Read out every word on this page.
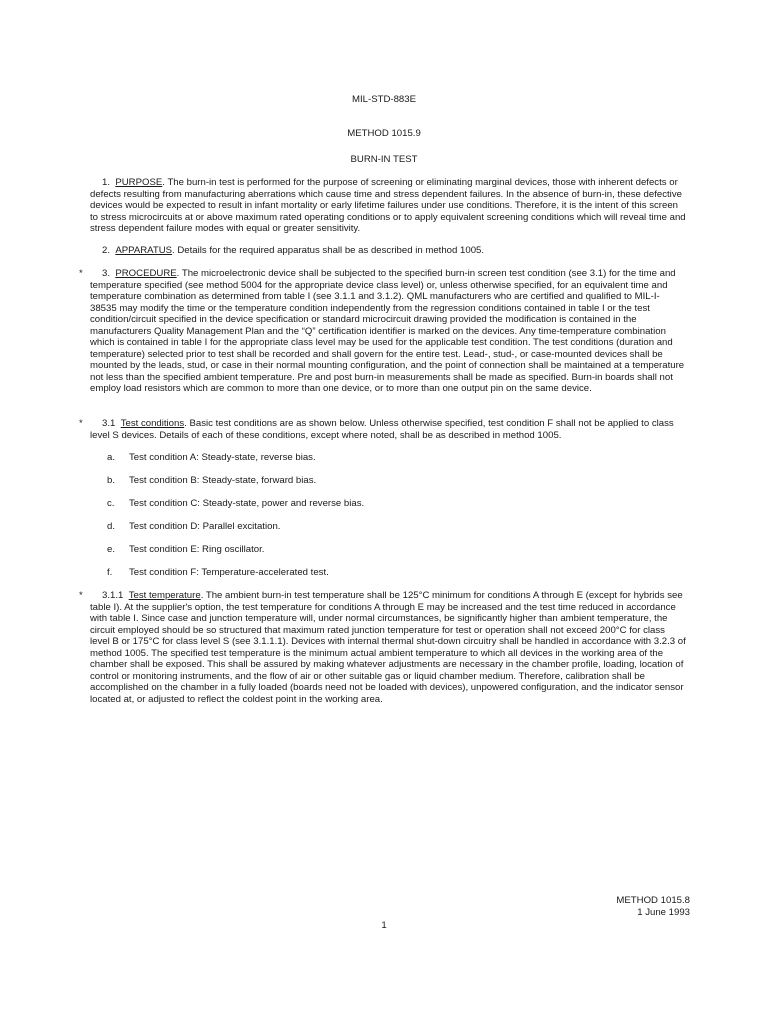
MIL-STD-883E
METHOD 1015.9
BURN-IN TEST
1. PURPOSE. The burn-in test is performed for the purpose of screening or eliminating marginal devices, those with inherent defects or defects resulting from manufacturing aberrations which cause time and stress dependent failures. In the absence of burn-in, these defective devices would be expected to result in infant mortality or early lifetime failures under use conditions. Therefore, it is the intent of this screen to stress microcircuits at or above maximum rated operating conditions or to apply equivalent screening conditions which will reveal time and stress dependent failure modes with equal or greater sensitivity.
2. APPARATUS. Details for the required apparatus shall be as described in method 1005.
*	3. PROCEDURE. The microelectronic device shall be subjected to the specified burn-in screen test condition (see 3.1) for the time and temperature specified (see method 5004 for the appropriate device class level) or, unless otherwise specified, for an equivalent time and temperature combination as determined from table I (see 3.1.1 and 3.1.2). QML manufacturers who are certified and qualified to MIL-I-38535 may modify the time or the temperature condition independently from the regression conditions contained in table I or the test condition/circuit specified in the device specification or standard microcircuit drawing provided the modification is contained in the manufacturers Quality Management Plan and the “Q” certification identifier is marked on the devices. Any time-temperature combination which is contained in table I for the appropriate class level may be used for the applicable test condition. The test conditions (duration and temperature) selected prior to test shall be recorded and shall govern for the entire test. Lead-, stud-, or case-mounted devices shall be mounted by the leads, stud, or case in their normal mounting configuration, and the point of connection shall be maintained at a temperature not less than the specified ambient temperature. Pre and post burn-in measurements shall be made as specified. Burn-in boards shall not employ load resistors which are common to more than one device, or to more than one output pin on the same device.
*	3.1 Test conditions. Basic test conditions are as shown below. Unless otherwise specified, test condition F shall not be applied to class level S devices. Details of each of these conditions, except where noted, shall be as described in method 1005.
a. Test condition A: Steady-state, reverse bias.
b. Test condition B: Steady-state, forward bias.
c. Test condition C: Steady-state, power and reverse bias.
d. Test condition D: Parallel excitation.
e. Test condition E: Ring oscillator.
f. Test condition F: Temperature-accelerated test.
*	3.1.1 Test temperature. The ambient burn-in test temperature shall be 125°C minimum for conditions A through E (except for hybrids see table I). At the supplier's option, the test temperature for conditions A through E may be increased and the test time reduced in accordance with table I. Since case and junction temperature will, under normal circumstances, be significantly higher than ambient temperature, the circuit employed should be so structured that maximum rated junction temperature for test or operation shall not exceed 200°C for class level B or 175°C for class level S (see 3.1.1.1). Devices with internal thermal shut-down circuitry shall be handled in accordance with 3.2.3 of method 1005. The specified test temperature is the minimum actual ambient temperature to which all devices in the working area of the chamber shall be exposed. This shall be assured by making whatever adjustments are necessary in the chamber profile, loading, location of control or monitoring instruments, and the flow of air or other suitable gas or liquid chamber medium. Therefore, calibration shall be accomplished on the chamber in a fully loaded (boards need not be loaded with devices), unpowered configuration, and the indicator sensor located at, or adjusted to reflect the coldest point in the working area.
METHOD 1015.8
1 June 1993
1
